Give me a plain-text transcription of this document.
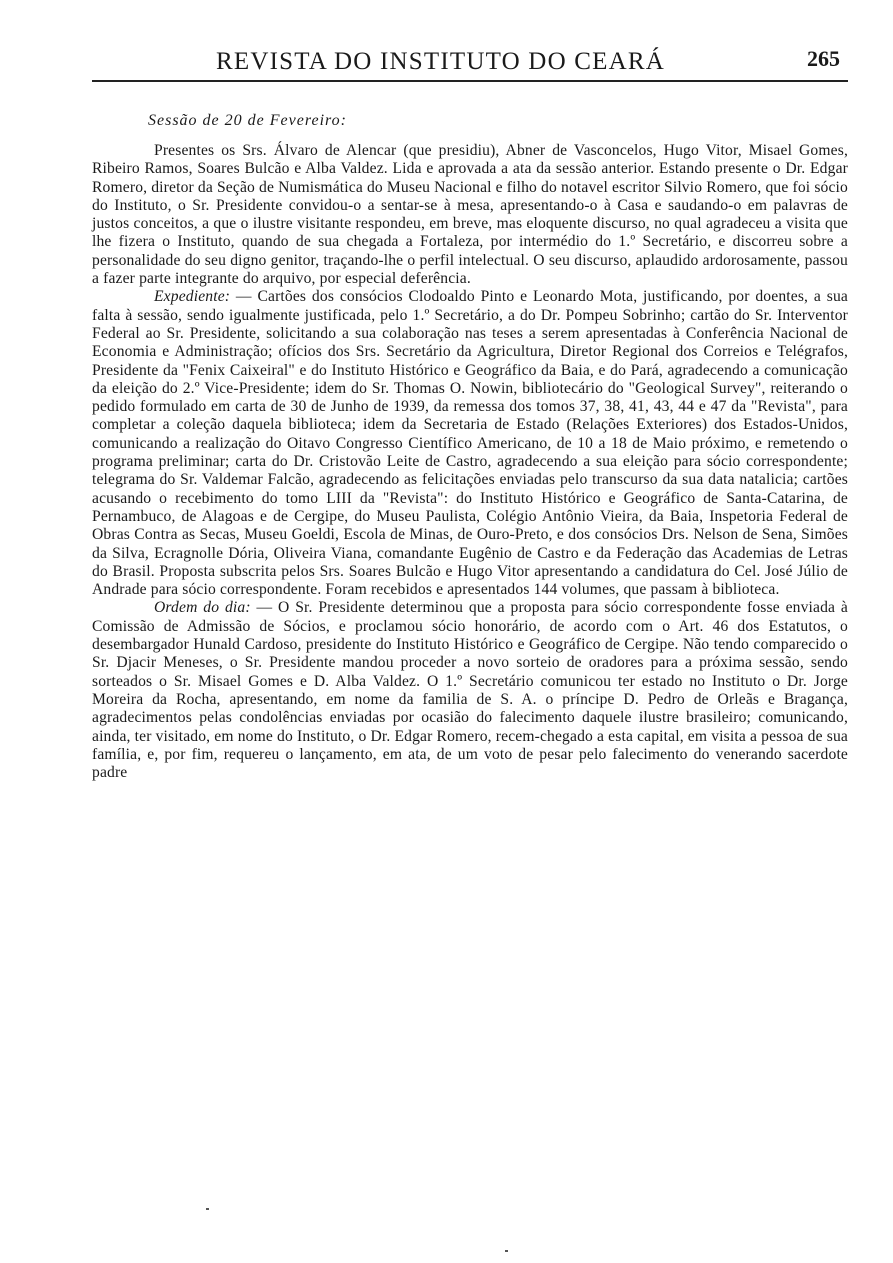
REVISTA DO INSTITUTO DO CEARÁ	265

Sessão de 20 de Fevereiro:

Presentes os Srs. Álvaro de Alencar (que presidiu), Abner de Vasconcelos, Hugo Vitor, Misael Gomes, Ribeiro Ramos, Soares Bulcão e Alba Valdez. Lida e aprovada a ata da sessão anterior. Estando presente o Dr. Edgar Romero, diretor da Seção de Numismática do Museu Nacional e filho do notavel escritor Silvio Romero, que foi sócio do Instituto, o Sr. Presidente convidou-o a sentar-se à mesa, apresentando-o à Casa e saudando-o em palavras de justos conceitos, a que o ilustre visitante respondeu, em breve, mas eloquente discurso, no qual agradeceu a visita que lhe fizera o Instituto, quando de sua chegada a Fortaleza, por intermédio do 1.º Secretário, e discorreu sobre a personalidade do seu digno genitor, traçando-lhe o perfil intelectual. O seu discurso, aplaudido ardorosamente, passou a fazer parte integrante do arquivo, por especial deferência.

Expediente: — Cartões dos consócios Clodoaldo Pinto e Leonardo Mota, justificando, por doentes, a sua falta à sessão, sendo igualmente justificada, pelo 1.º Secretário, a do Dr. Pompeu Sobrinho; cartão do Sr. Interventor Federal ao Sr. Presidente, solicitando a sua colaboração nas teses a serem apresentadas à Conferência Nacional de Economia e Administração; ofícios dos Srs. Secretário da Agricultura, Diretor Regional dos Correios e Telégrafos, Presidente da "Fenix Caixeiral" e do Instituto Histórico e Geográfico da Baia, e do Pará, agradecendo a comunicação da eleição do 2.º Vice-Presidente; idem do Sr. Thomas O. Nowin, bibliotecário do "Geological Survey", reiterando o pedido formulado em carta de 30 de Junho de 1939, da remessa dos tomos 37, 38, 41, 43, 44 e 47 da "Revista", para completar a coleção daquela biblioteca; idem da Secretaria de Estado (Relações Exteriores) dos Estados-Unidos, comunicando a realização do Oitavo Congresso Científico Americano, de 10 a 18 de Maio próximo, e remetendo o programa preliminar; carta do Dr. Cristovão Leite de Castro, agradecendo a sua eleição para sócio correspondente; telegrama do Sr. Valdemar Falcão, agradecendo as felicitações enviadas pelo transcurso da sua data natalicia; cartões acusando o recebimento do tomo LIII da "Revista": do Instituto Histórico e Geográfico de Santa-Catarina, de Pernambuco, de Alagoas e de Cergipe, do Museu Paulista, Colégio Antônio Vieira, da Baia, Inspetoria Federal de Obras Contra as Secas, Museu Goeldi, Escola de Minas, de Ouro-Preto, e dos consócios Drs. Nelson de Sena, Simões da Silva, Ecragnolle Dória, Oliveira Viana, comandante Eugênio de Castro e da Federação das Academias de Letras do Brasil. Proposta subscrita pelos Srs. Soares Bulcão e Hugo Vitor apresentando a candidatura do Cel. José Júlio de Andrade para sócio correspondente. Foram recebidos e apresentados 144 volumes, que passam à biblioteca.

Ordem do dia: — O Sr. Presidente determinou que a proposta para sócio correspondente fosse enviada à Comissão de Admissão de Sócios, e proclamou sócio honorário, de acordo com o Art. 46 dos Estatutos, o desembargador Hunald Cardoso, presidente do Instituto Histórico e Geográfico de Cergipe. Não tendo comparecido o Sr. Djacir Meneses, o Sr. Presidente mandou proceder a novo sorteio de oradores para a próxima sessão, sendo sorteados o Sr. Misael Gomes e D. Alba Valdez. O 1.º Secretário comunicou ter estado no Instituto o Dr. Jorge Moreira da Rocha, apresentando, em nome da familia de S. A. o príncipe D. Pedro de Orleãs e Bragança, agradecimentos pelas condolências enviadas por ocasião do falecimento daquele ilustre brasileiro; comunicando, ainda, ter visitado, em nome do Instituto, o Dr. Edgar Romero, recem-chegado a esta capital, em visita a pessoa de sua família, e, por fim, requereu o lançamento, em ata, de um voto de pesar pelo falecimento do venerando sacerdote padre
